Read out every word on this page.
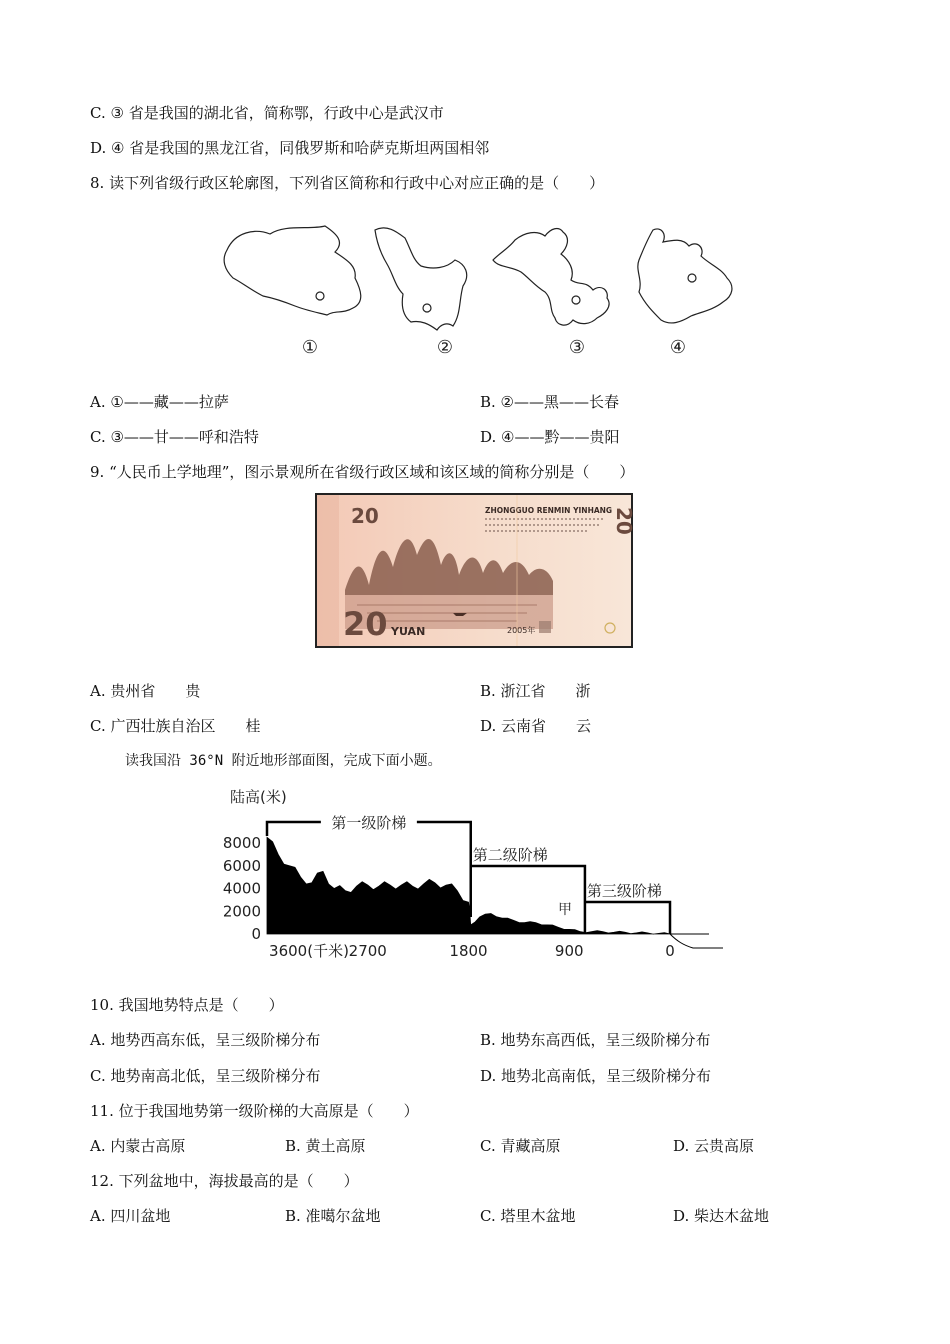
C. ③ 省是我国的湖北省，简称鄂，行政中心是武汉市
D. ④ 省是我国的黑龙江省，同俄罗斯和哈萨克斯坦两国相邻
8. 读下列省级行政区轮廓图，下列省区简称和行政中心对应正确的是（　　）
①	②	③	④
A. ①——藏——拉萨	B. ②——黑——长春
C. ③——甘——呼和浩特	D. ④——黔——贵阳
9. “人民币上学地理”，图示景观所在省级行政区域和该区域的简称分别是（　　）
20	ZHONGGUO RENMIN YINHANG 20
20 YUAN	2005年
A. 贵州省　　贵	B. 浙江省　　浙
C. 广西壮族自治区　　桂	D. 云南省　　云
读我国沿 36°N 附近地形部面图，完成下面小题。
陆高(米)
8000
6000
4000
2000
0
3600(千米) 2700	1800	900	0
第一级阶梯
第二级阶梯
第三级阶梯
甲
10. 我国地势特点是（　　）
A. 地势西高东低，呈三级阶梯分布	B. 地势东高西低，呈三级阶梯分布
C. 地势南高北低，呈三级阶梯分布	D. 地势北高南低，呈三级阶梯分布
11. 位于我国地势第一级阶梯的大高原是（　　）
A. 内蒙古高原	B. 黄土高原	C. 青藏高原	D. 云贵高原
12. 下列盆地中，海拔最高的是（　　）
A. 四川盆地	B. 准噶尔盆地	C. 塔里木盆地	D. 柴达木盆地
